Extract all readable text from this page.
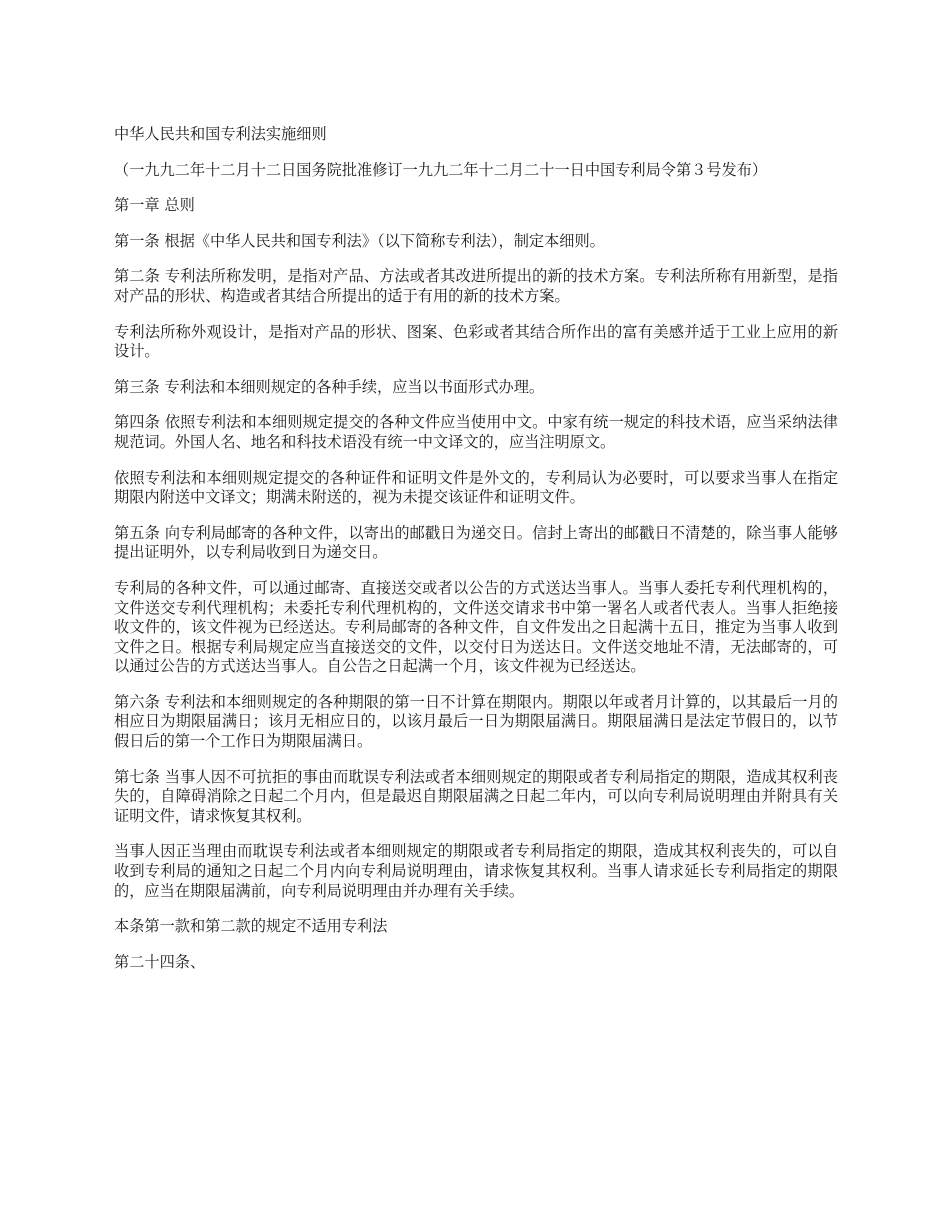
中华人民共和国专利法实施细则

（一九九二年十二月十二日国务院批准修订一九九二年十二月二十一日中国专利局令第３号发布）

第一章 总则

第一条 根据《中华人民共和国专利法》（以下简称专利法），制定本细则。

第二条 专利法所称发明，是指对产品、方法或者其改进所提出的新的技术方案。专利法所称有用新型，是指对产品的形状、构造或者其结合所提出的适于有用的新的技术方案。

专利法所称外观设计，是指对产品的形状、图案、色彩或者其结合所作出的富有美感并适于工业上应用的新设计。

第三条 专利法和本细则规定的各种手续，应当以书面形式办理。

第四条 依照专利法和本细则规定提交的各种文件应当使用中文。中家有统一规定的科技术语，应当采纳法律规范词。外国人名、地名和科技术语没有统一中文译文的，应当注明原文。

依照专利法和本细则规定提交的各种证件和证明文件是外文的，专利局认为必要时，可以要求当事人在指定期限内附送中文译文；期满未附送的，视为未提交该证件和证明文件。

第五条 向专利局邮寄的各种文件，以寄出的邮戳日为递交日。信封上寄出的邮戳日不清楚的，除当事人能够提出证明外，以专利局收到日为递交日。

专利局的各种文件，可以通过邮寄、直接送交或者以公告的方式送达当事人。当事人委托专利代理机构的，文件送交专利代理机构；未委托专利代理机构的，文件送交请求书中第一署名人或者代表人。当事人拒绝接收文件的，该文件视为已经送达。专利局邮寄的各种文件，自文件发出之日起满十五日，推定为当事人收到文件之日。根据专利局规定应当直接送交的文件，以交付日为送达日。文件送交地址不清，无法邮寄的，可以通过公告的方式送达当事人。自公告之日起满一个月，该文件视为已经送达。

第六条 专利法和本细则规定的各种期限的第一日不计算在期限内。期限以年或者月计算的，以其最后一月的相应日为期限届满日；该月无相应日的，以该月最后一日为期限届满日。期限届满日是法定节假日的，以节假日后的第一个工作日为期限届满日。

第七条 当事人因不可抗拒的事由而耽误专利法或者本细则规定的期限或者专利局指定的期限，造成其权利丧失的，自障碍消除之日起二个月内，但是最迟自期限届满之日起二年内，可以向专利局说明理由并附具有关证明文件，请求恢复其权利。

当事人因正当理由而耽误专利法或者本细则规定的期限或者专利局指定的期限，造成其权利丧失的，可以自收到专利局的通知之日起二个月内向专利局说明理由，请求恢复其权利。当事人请求延长专利局指定的期限的，应当在期限届满前，向专利局说明理由并办理有关手续。

本条第一款和第二款的规定不适用专利法

第二十四条、
